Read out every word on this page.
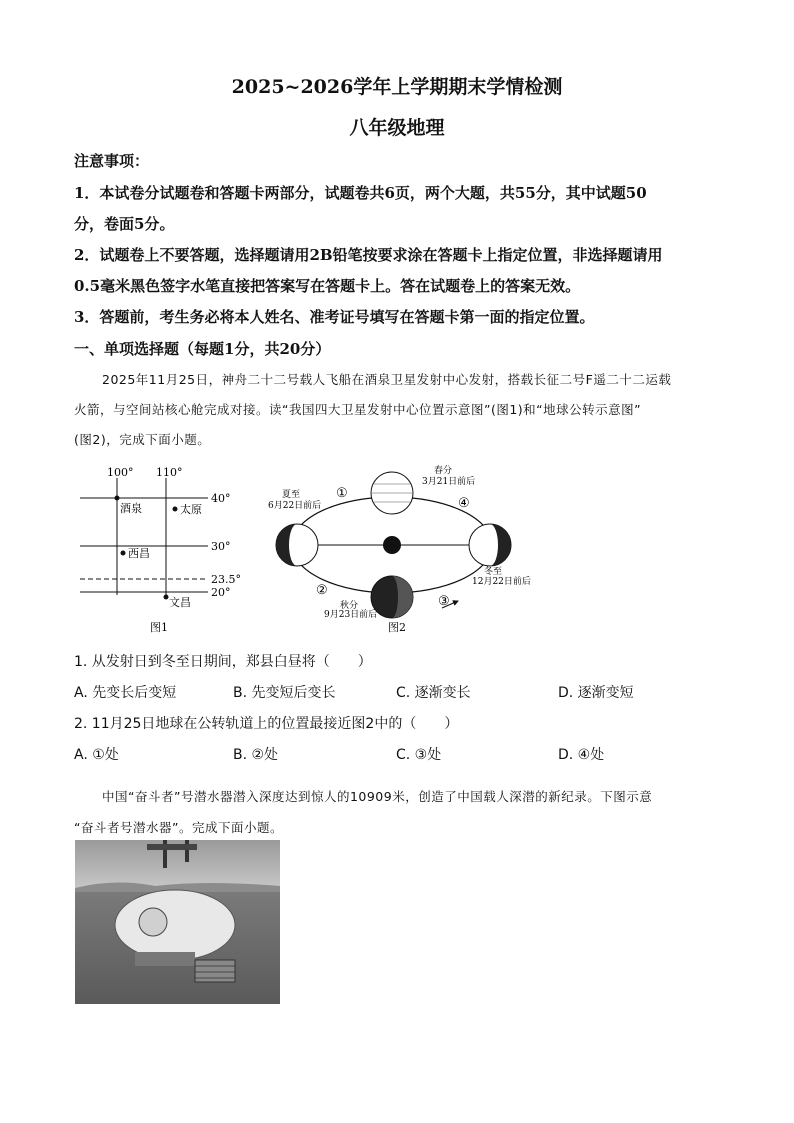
2025~2026学年上学期期末学情检测
八年级地理
注意事项：
1．本试卷分试题卷和答题卡两部分，试题卷共6页，两个大题，共55分，其中试题50
分，卷面5分。
2．试题卷上不要答题，选择题请用2B铅笔按要求涂在答题卡上指定位置，非选择题请用
0.5毫米黑色签字水笔直接把答案写在答题卡上。答在试题卷上的答案无效。
3．答题前，考生务必将本人姓名、准考证号填写在答题卡第一面的指定位置。
一、单项选择题（每题1分，共20分）
2025年11月25日，神舟二十二号载人飞船在酒泉卫星发射中心发射，搭载长征二号F遥二十二运载
火箭，与空间站核心舱完成对接。读“我国四大卫星发射中心位置示意图”(图1)和“地球公转示意图”
(图2)，完成下面小题。
100° 110°
40°
30°
23.5°
20°
酒泉	太原
西昌
文昌
图1
夏至
6月22日前后
春分
3月21日前后
冬至
12月22日前后
秋分
9月23日前后
①
②
③
④
图2
1. 从发射日到冬至日期间，郑县白昼将（　　）
A. 先变长后变短	B. 先变短后变长	C. 逐渐变长	D. 逐渐变短
2. 11月25日地球在公转轨道上的位置最接近图2中的（　　）
A. ①处	B. ②处	C. ③处	D. ④处
中国“奋斗者”号潜水器潜入深度达到惊人的10909米，创造了中国载人深潜的新纪录。下图示意
“奋斗者号潜水器”。完成下面小题。
